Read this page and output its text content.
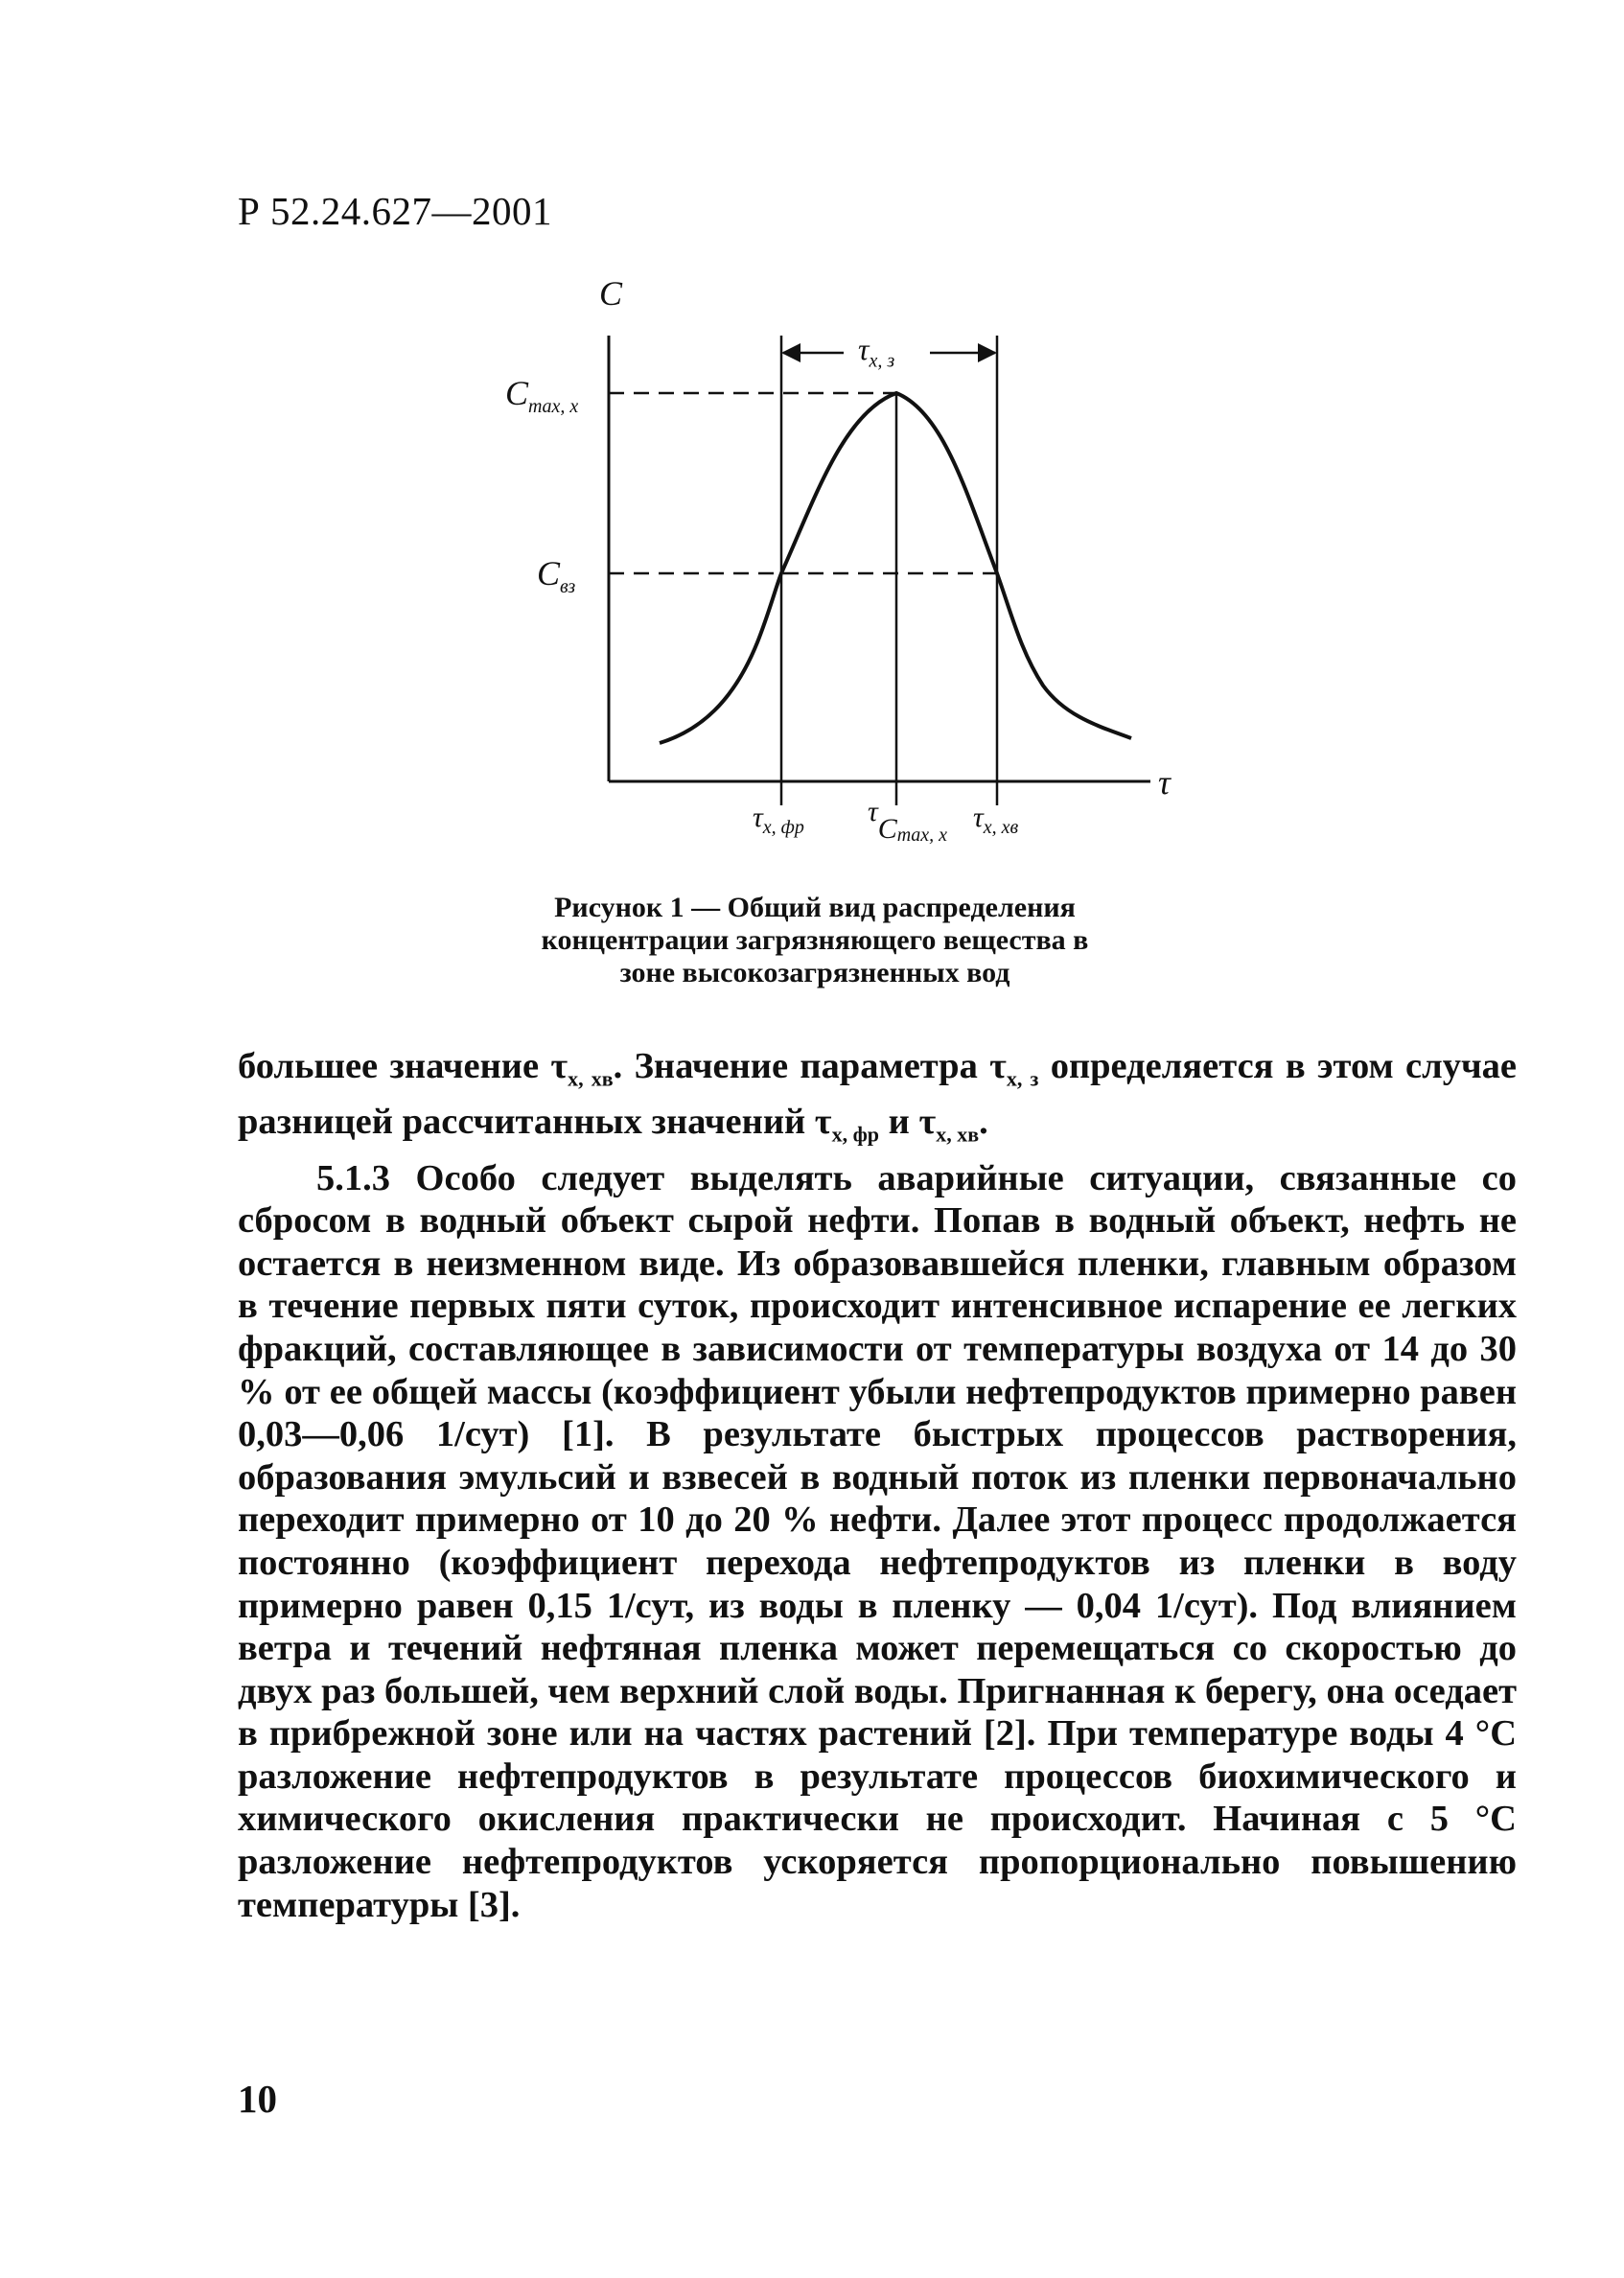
Р 52.24.627—2001
C
τ
$C_{max, x}$
$C_{вз}$
$\tau_{x, з}$
$\tau_{x, фр}$ $\tau C_{max, x}$
$\tau_{x, хв}$
Рисунок 1 — Общий вид распределения
концентрации загрязняющего вещества в
зоне высокозагрязненных вод

большее значение $\tau_{x, хв}$. Значение параметра $\tau_{x, з}$ определяется в этом случае разницей рассчитанных значений $\tau_{x, фр}$ и $\tau_{x, хв}$.

5.1.3 Особо следует выделять аварийные ситуации, связанные со сбросом в водный объект сырой нефти. Попав в водный объект, нефть не остается в неизменном виде. Из образовавшейся пленки, главным образом в течение первых пяти суток, происходит интенсивное испарение ее легких фракций, составляющее в зависимости от температуры воздуха от 14 до 30 % от ее общей массы (коэффициент убыли нефтепродуктов примерно равен 0,03—0,06 1/сут) [1]. В результате быстрых процессов растворения, образования эмульсий и взвесей в водный поток из пленки первоначально переходит примерно от 10 до 20 % нефти. Далее этот процесс продолжается постоянно (коэффициент перехода нефтепродуктов из пленки в воду примерно равен 0,15 1/сут, из воды в пленку — 0,04 1/сут). Под влиянием ветра и течений нефтяная пленка может перемещаться со скоростью до двух раз большей, чем верхний слой воды. Пригнанная к берегу, она оседает в прибрежной зоне или на частях растений [2]. При температуре воды 4 °С разложение нефтепродуктов в результате процессов биохимического и химического окисления практически не происходит. Начиная с 5 °С разложение нефтепродуктов ускоряется пропорционально повышению температуры [3].

10
